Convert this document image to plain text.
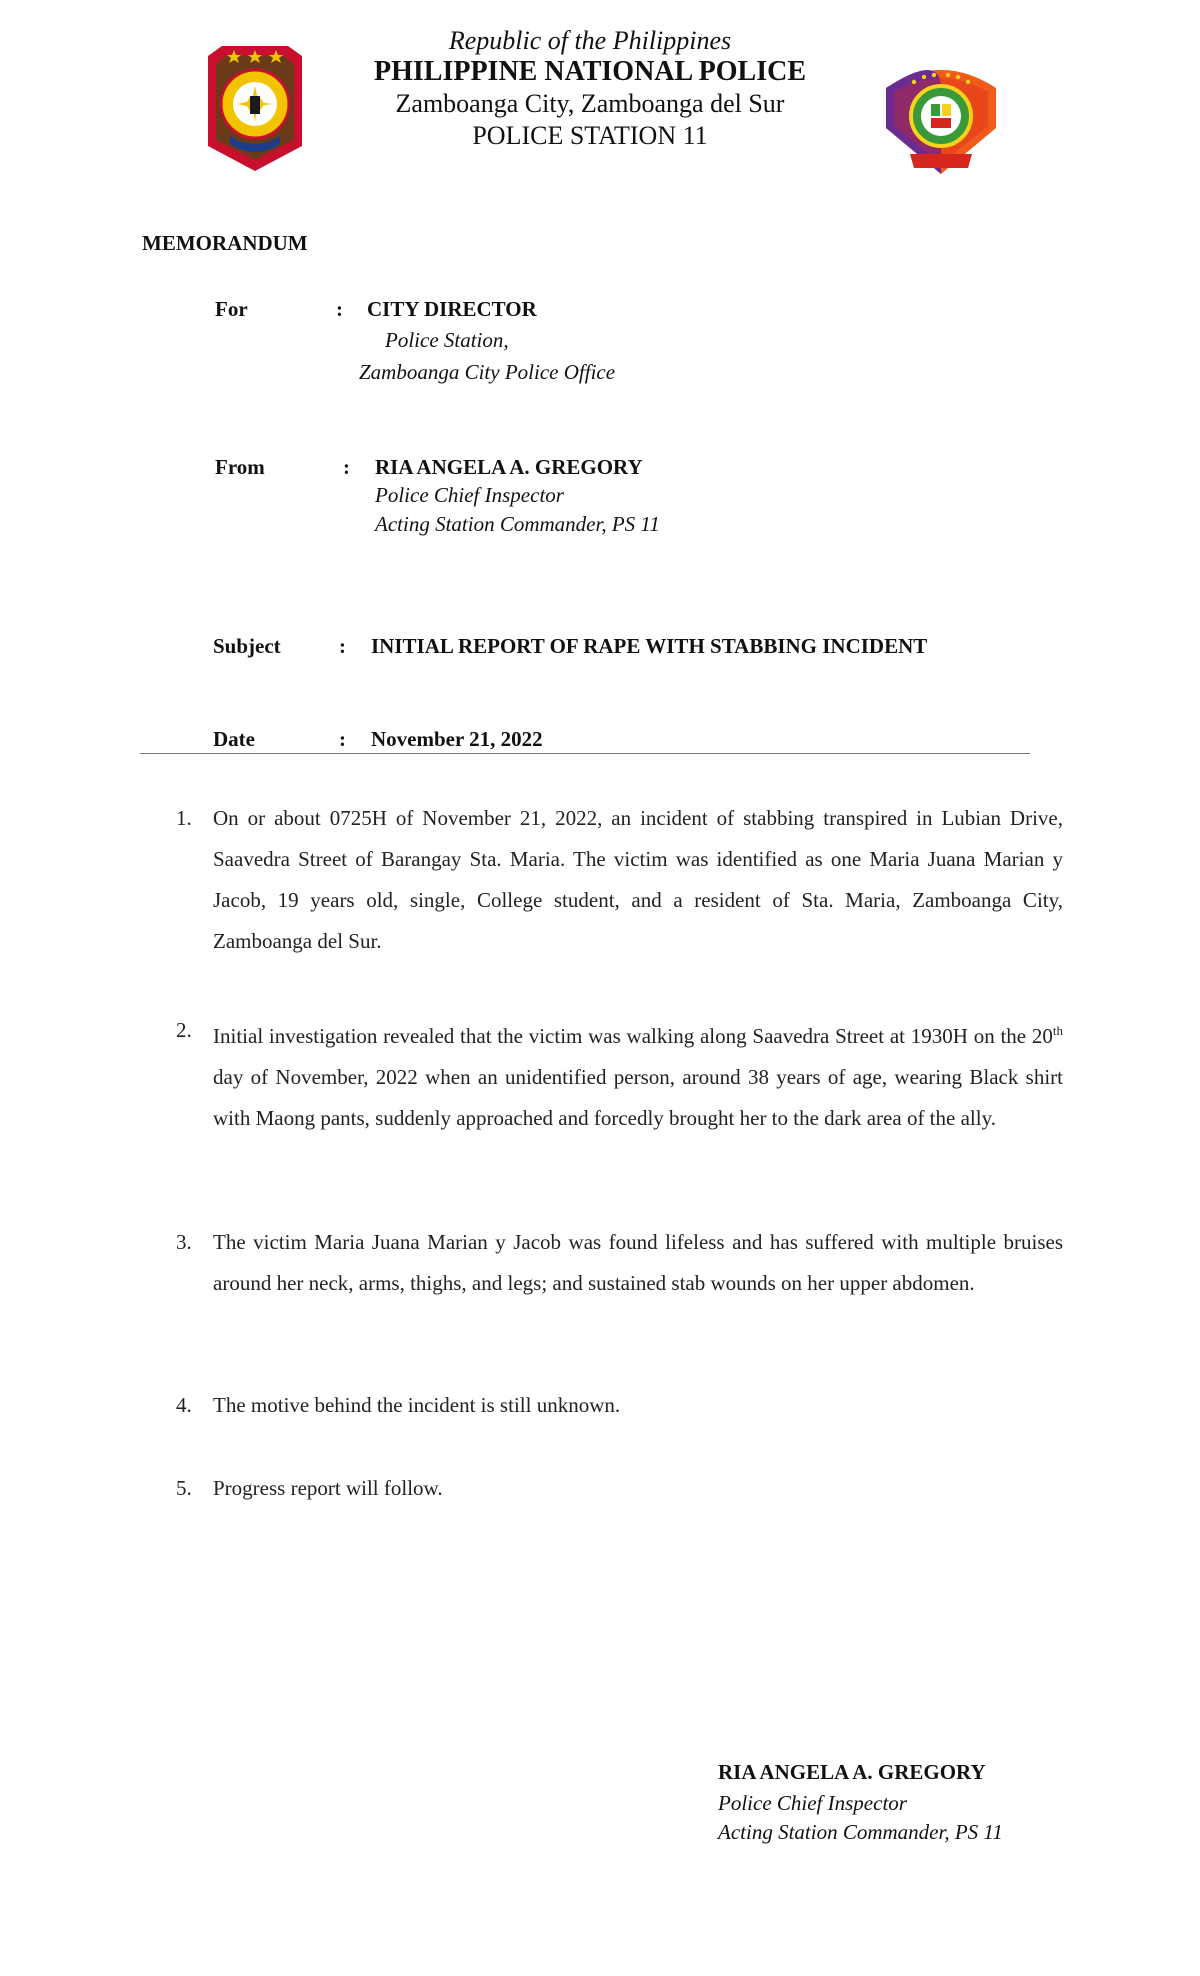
Republic of the Philippines
PHILIPPINE NATIONAL POLICE
Zamboanga City, Zamboanga del Sur
POLICE STATION 11
MEMORANDUM
For	: CITY DIRECTOR
Police Station,
Zamboanga City Police Office
From	: RIA ANGELA A. GREGORY
Police Chief Inspector
Acting Station Commander, PS 11
Subject	: INITIAL REPORT OF RAPE WITH STABBING INCIDENT
Date	: November 21, 2022
1. On or about 0725H of November 21, 2022, an incident of stabbing transpired in Lubian Drive, Saavedra Street of Barangay Sta. Maria. The victim was identified as one Maria Juana Marian y Jacob, 19 years old, single, College student, and a resident of Sta. Maria, Zamboanga City, Zamboanga del Sur.
2. Initial investigation revealed that the victim was walking along Saavedra Street at 1930H on the 20th day of November, 2022 when an unidentified person, around 38 years of age, wearing Black shirt with Maong pants, suddenly approached and forcedly brought her to the dark area of the ally.
3. The victim Maria Juana Marian y Jacob was found lifeless and has suffered with multiple bruises around her neck, arms, thighs, and legs; and sustained stab wounds on her upper abdomen.
4. The motive behind the incident is still unknown.
5. Progress report will follow.
RIA ANGELA A. GREGORY
Police Chief Inspector
Acting Station Commander, PS 11
